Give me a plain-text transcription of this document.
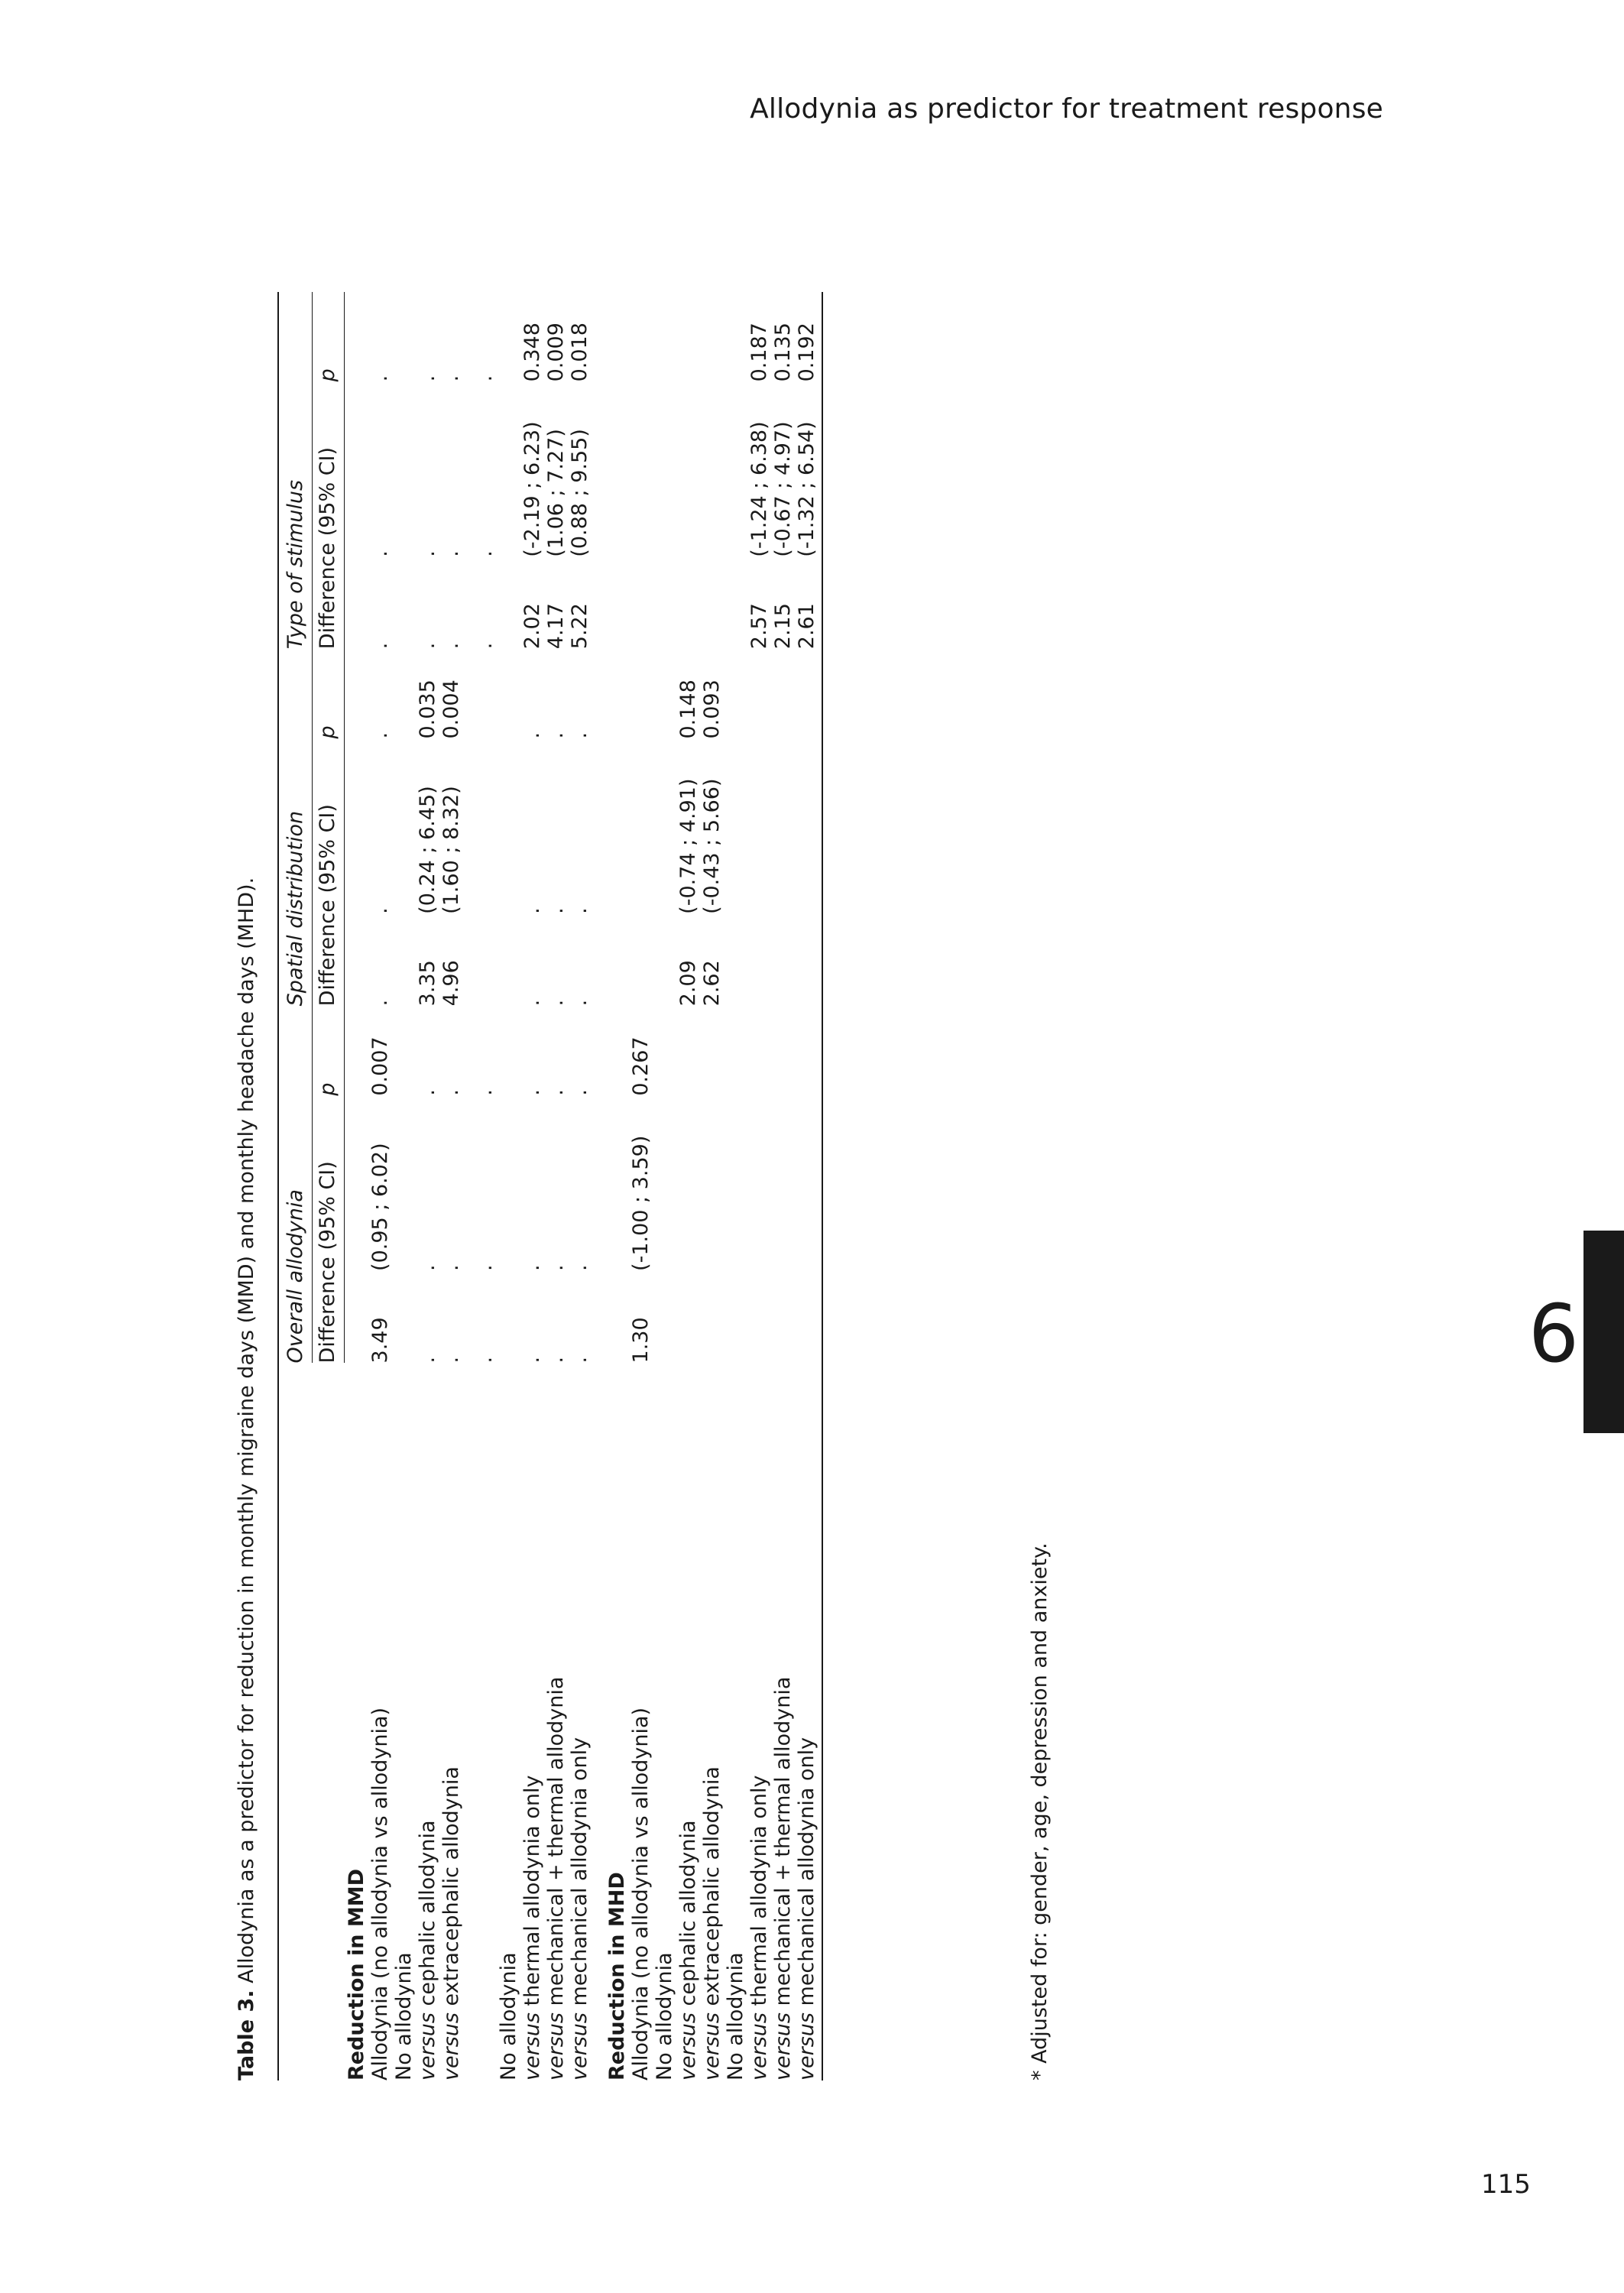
Allodynia as predictor for treatment response
6
Table 3. Allodynia as a predictor for reduction in monthly migraine days (MMD) and monthly headache days (MHD).
	Overall allodynia			Spatial distribution			Type of stimulus		
	Difference (95% CI)		p	Difference (95% CI)		p	Difference (95% CI)		p
Reduction in MMD									
Allodynia (no allodynia vs allodynia)	3.49	(0.95 ; 6.02)	0.007	.	.	.	.	.	.
No allodynia									
versus cephalic allodynia	.	.	.	3.35	(0.24 ; 6.45)	0.035	.	.	.
versus extracephalic allodynia	.	.	.	4.96	(1.60 ; 8.32)	0.004	.	.	.
	.	.	.				.	.	.
No allodynia									
versus thermal allodynia only	.	.	.	.	.	.	2.02	(-2.19 ; 6.23)	0.348
versus mechanical + thermal allodynia	.	.	.	.	.	.	4.17	(1.06 ; 7.27)	0.009
versus mechanical allodynia only	.	.	.	.	.	.	5.22	(0.88 ; 9.55)	0.018

Reduction in MHD									
Allodynia (no allodynia vs allodynia)	1.30	(-1.00 ; 3.59)	0.267						
No allodynia									
versus cephalic allodynia				2.09	(-0.74 ; 4.91)	0.148			
versus extracephalic allodynia				2.62	(-0.43 ; 5.66)	0.093			
No allodynia									
versus thermal allodynia only							2.57	(-1.24 ; 6.38)	0.187
versus mechanical + thermal allodynia							2.15	(-0.67 ; 4.97)	0.135
versus mechanical allodynia only							2.61	(-1.32 ; 6.54)	0.192
* Adjusted for: gender, age, depression and anxiety.
115
